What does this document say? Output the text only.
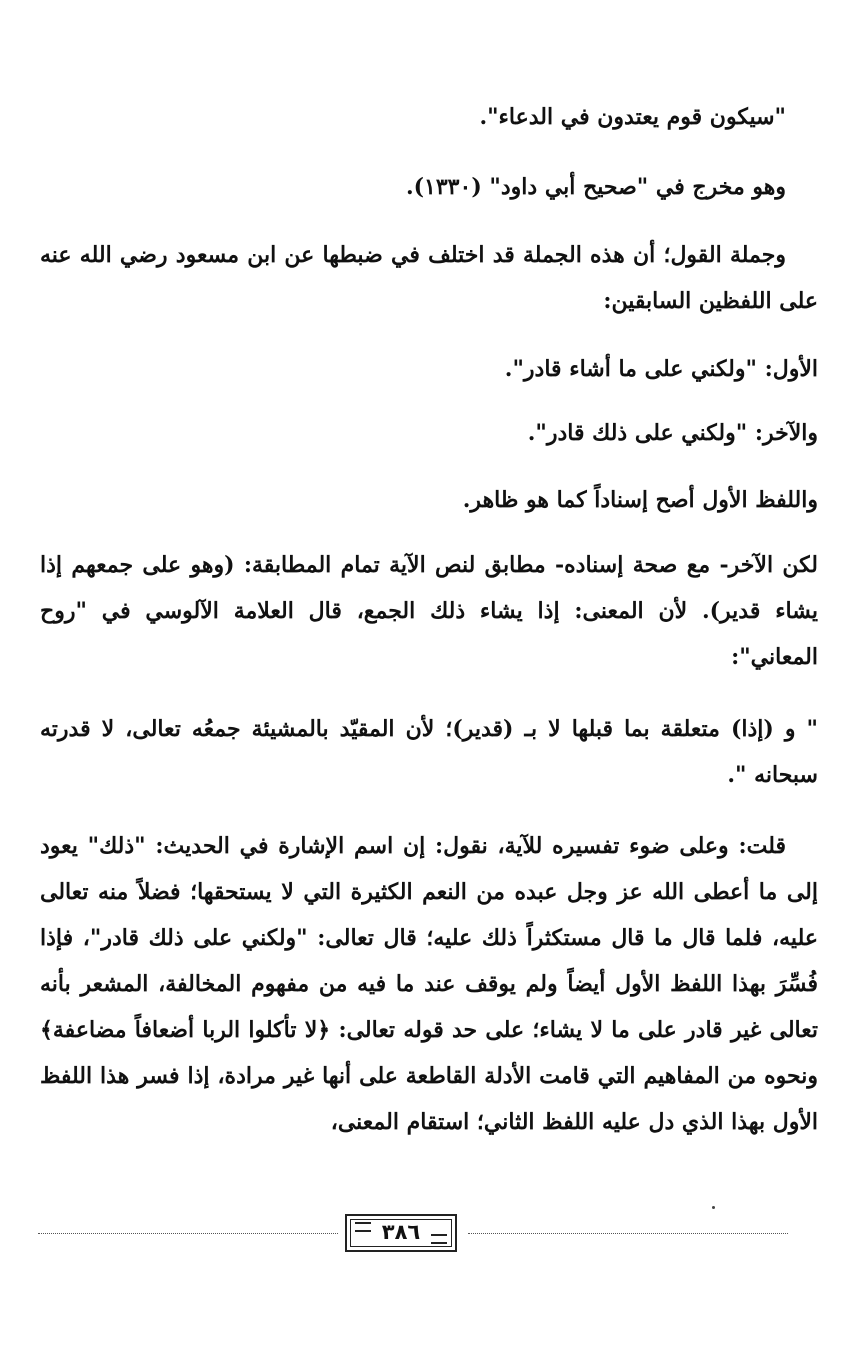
"سيكون قوم يعتدون في الدعاء".
وهو مخرج في "صحيح أبي داود" (١٣٣٠).
وجملة القول؛ أن هذه الجملة قد اختلف في ضبطها عن ابن مسعود رضي الله عنه على اللفظين السابقين:
الأول: "ولكني على ما أشاء قادر".
والآخر: "ولكني على ذلك قادر".
واللفظ الأول أصح إسناداً كما هو ظاهر.
لكن الآخر- مع صحة إسناده- مطابق لنص الآية تمام المطابقة: (وهو على جمعهم إذا يشاء قدير). لأن المعنى: إذا يشاء ذلك الجمع، قال العلامة الآلوسي في "روح المعاني":
" و (إذا) متعلقة بما قبلها لا بـ (قدير)؛ لأن المقيّد بالمشيئة جمعُه تعالى، لا قدرته سبحانه ".
قلت: وعلى ضوء تفسيره للآية، نقول: إن اسم الإشارة في الحديث: "ذلك" يعود إلى ما أعطى الله عز وجل عبده من النعم الكثيرة التي لا يستحقها؛ فضلاً منه تعالى عليه، فلما قال ما قال مستكثراً ذلك عليه؛ قال تعالى: "ولكني على ذلك قادر"، فإذا فُسِّرَ بهذا اللفظ الأول أيضاً ولم يوقف عند ما فيه من مفهوم المخالفة، المشعر بأنه تعالى غير قادر على ما لا يشاء؛ على حد قوله تعالى: ﴿لا تأكلوا الربا أضعافاً مضاعفة﴾ ونحوه من المفاهيم التي قامت الأدلة القاطعة على أنها غير مرادة، إذا فسر هذا اللفظ الأول بهذا الذي دل عليه اللفظ الثاني؛ استقام المعنى،
٣٨٦
